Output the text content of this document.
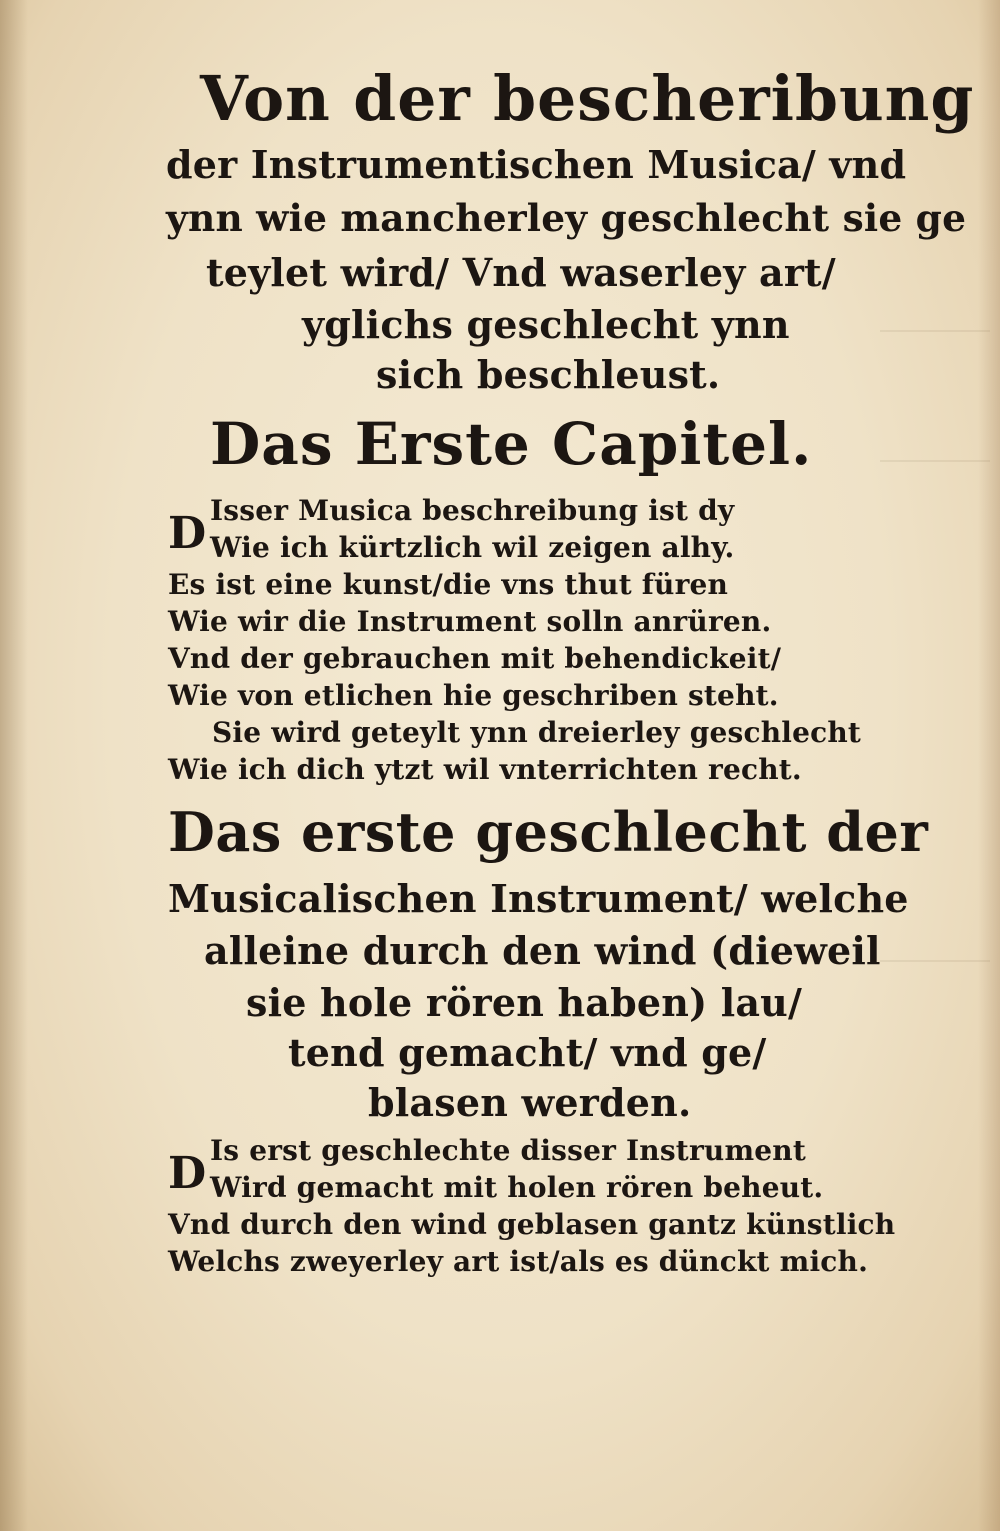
Von der bescheribung
der Instrumentischen Musica/ vnd
ynn wie mancherley geschlecht sie ge
teylet wird/ Vnd waserley art/
yglichs geschlecht ynn
sich beschleust.
Das Erste Capitel.
D Isser Musica beschreibung ist dy
Wie ich kürtzlich wil zeigen alhy.
Es ist eine kunst/die vns thut füren
Wie wir die Instrument solln anrüren.
Vnd der gebrauchen mit behendickeit/
Wie von etlichen hie geschriben steht.
Sie wird geteylt ynn dreierley geschlecht
Wie ich dich ytzt wil vnterrichten recht.
Das erste geschlecht der
Musicalischen Instrument/ welche
alleine durch den wind (dieweil
sie hole rören haben) lau/
tend gemacht/ vnd ge/
blasen werden.
D Is erst geschlechte disser Instrument
Wird gemacht mit holen rören beheut.
Vnd durch den wind geblasen gantz künstlich
Welchs zweyerley art ist/als es dünckt mich.
